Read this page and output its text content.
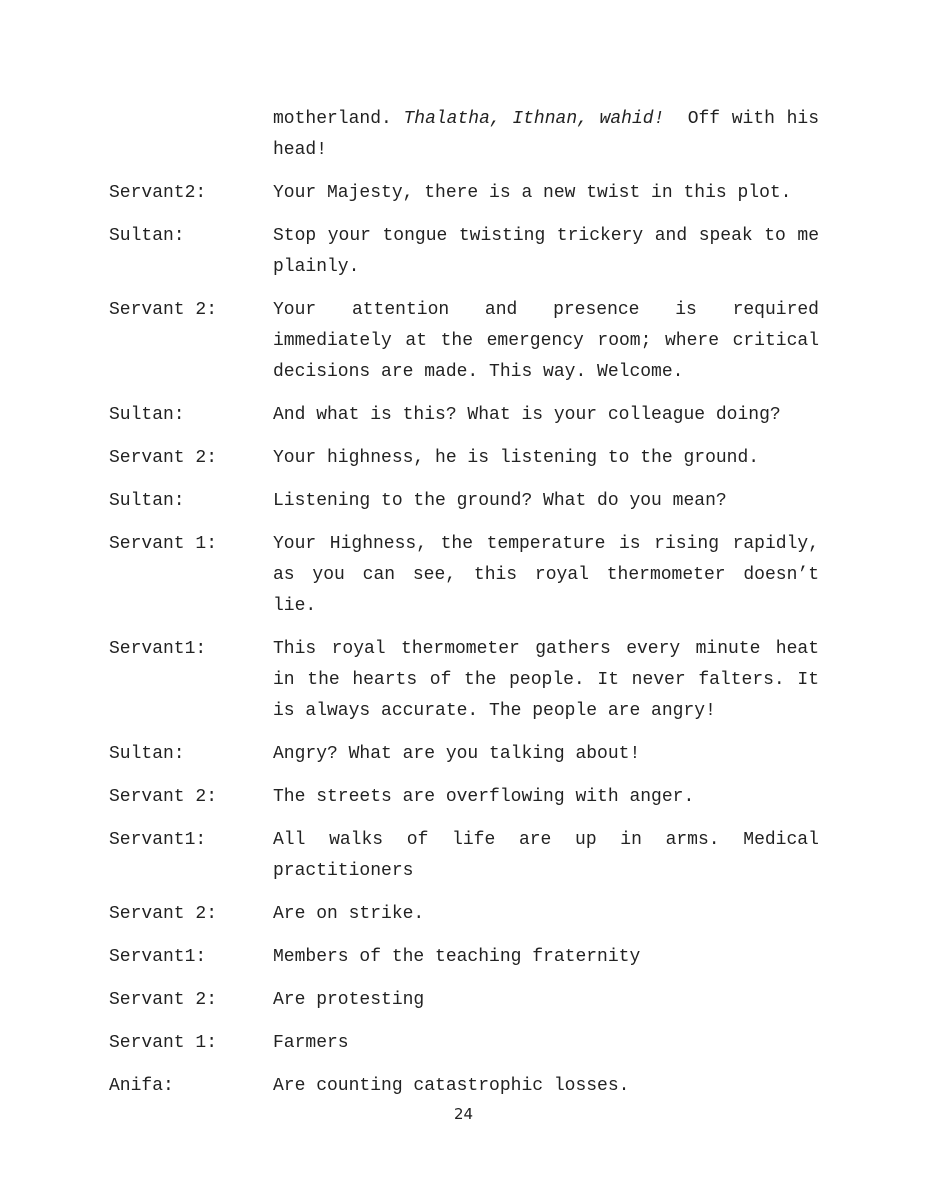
motherland. Thalatha, Ithnan, wahid!  Off with his head!
Servant2:	Your Majesty, there is a new twist in this plot.
Sultan:	Stop your tongue twisting trickery and speak to me plainly.
Servant 2:	Your attention and presence is required immediately at the emergency room; where critical decisions are made. This way. Welcome.
Sultan:	And what is this? What is your colleague doing?
Servant 2:	Your highness, he is listening to the ground.
Sultan:	Listening to the ground? What do you mean?
Servant 1:	Your Highness, the temperature is rising rapidly, as you can see, this royal thermometer doesn’t lie.
Servant1:	This royal thermometer gathers every minute heat in the hearts of the people. It never falters. It is always accurate. The people are angry!
Sultan:	Angry? What are you talking about!
Servant 2:	The streets are overflowing with anger.
Servant1:	All walks of life are up in arms. Medical
practitioners
Servant 2:	Are on strike.
Servant1:	Members of the teaching fraternity
Servant 2:	Are protesting
Servant 1:	Farmers
Anifa:	Are counting catastrophic losses.
24
